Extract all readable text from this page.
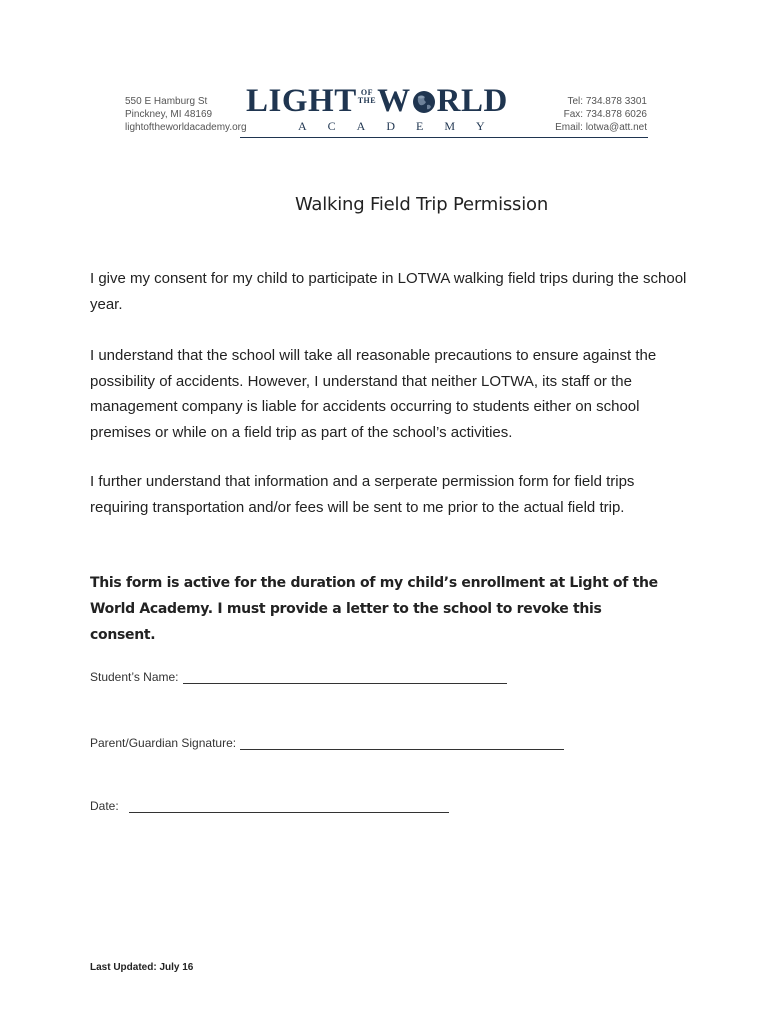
550 E Hamburg St
Pinckney, MI 48169
lightoftheworldacademy.org
LIGHT OF
THEW RLD
ACADEMY
Tel: 734.878 3301
Fax: 734.878 6026
Email: lotwa@att.net
Walking Field Trip Permission
I give my consent for my child to participate in LOTWA walking field trips during the school year.
I understand that the school will take all reasonable precautions to ensure against the possibility of accidents. However, I understand that neither LOTWA, its staff or the management company is liable for accidents occurring to students either on school premises or while on a field trip as part of the school’s activities.
I further understand that information and a serperate permission form for field trips requiring transportation and/or fees will be sent to me prior to the actual field trip.
This form is active for the duration of my child’s enrollment at Light of the World Academy. I must provide a letter to the school to revoke this consent.
Student’s Name:
Parent/Guardian Signature:
Date:
Last Updated: July 16
